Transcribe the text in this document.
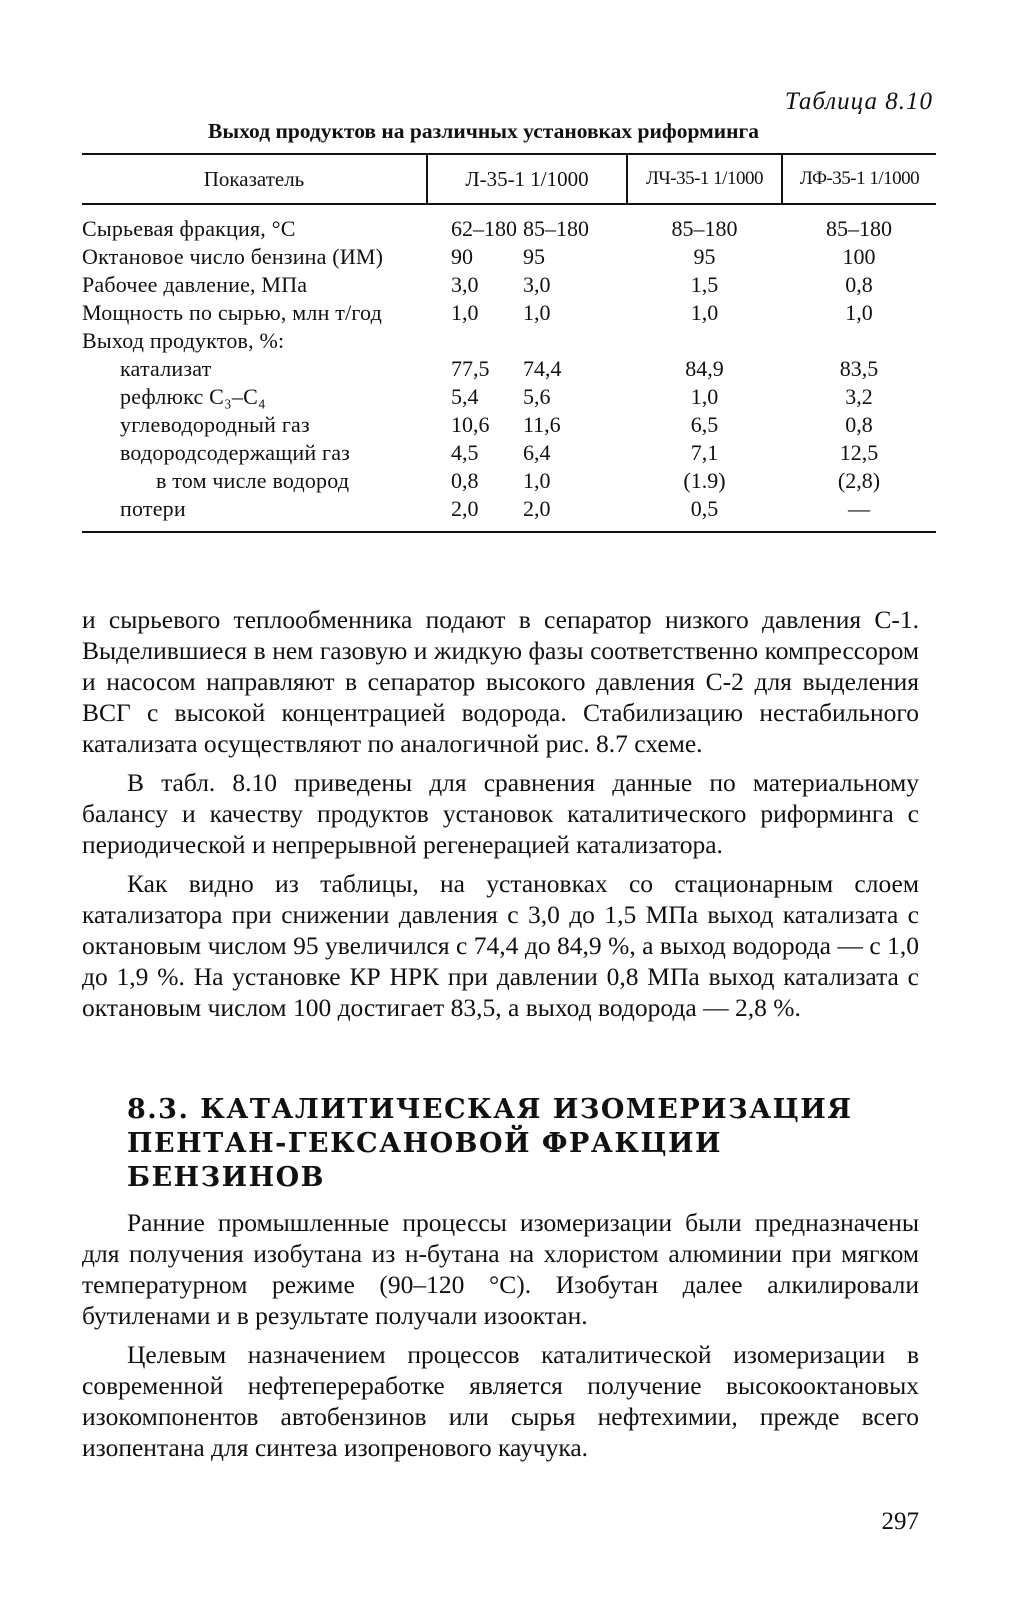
Таблица 8.10
Выход продуктов на различных установках риформинга
Показатель	Л-35-1 1/1000		ЛЧ-35-1 1/1000	ЛФ-35-1 1/1000
Сырьевая фракция, °С	62–180	85–180	85–180	85–180
Октановое число бензина (ИМ)	90	95	95	100
Рабочее давление, МПа	3,0	3,0	1,5	0,8
Мощность по сырью, млн т/год	1,0	1,0	1,0	1,0
Выход продуктов, %:				
катализат	77,5	74,4	84,9	83,5
рефлюкс C₃–C₄	5,4	5,6	1,0	3,2
углеводородный газ	10,6	11,6	6,5	0,8
водородсодержащий газ	4,5	6,4	7,1	12,5
в том числе водород	0,8	1,0	(1.9)	(2,8)
потери	2,0	2,0	0,5	—

и сырьевого теплообменника подают в сепаратор низкого давления С-1. Выделившиеся в нем газовую и жидкую фазы соответственно компрессором и насосом направляют в сепаратор высокого давления С-2 для выделения ВСГ с высокой концентрацией водорода. Стабилизацию нестабильного катализата осуществляют по аналогичной рис. 8.7 схеме.

В табл. 8.10 приведены для сравнения данные по материальному балансу и качеству продуктов установок каталитического риформинга с периодической и непрерывной регенерацией катализатора.

Как видно из таблицы, на установках со стационарным слоем катализатора при снижении давления с 3,0 до 1,5 МПа выход катализата с октановым числом 95 увеличился с 74,4 до 84,9 %, а выход водорода — с 1,0 до 1,9 %. На установке КР НРК при давлении 0,8 МПа выход катализата с октановым числом 100 достигает 83,5, а выход водорода — 2,8 %.

8.3. КАТАЛИТИЧЕСКАЯ ИЗОМЕРИЗАЦИЯ
ПЕНТАН-ГЕКСАНОВОЙ ФРАКЦИИ БЕНЗИНОВ

Ранние промышленные процессы изомеризации были предназначены для получения изобутана из н-бутана на хлористом алюминии при мягком температурном режиме (90–120 °С). Изобутан далее алкилировали бутиленами и в результате получали изооктан.

Целевым назначением процессов каталитической изомеризации в современной нефтепереработке является получение высокооктановых изокомпонентов автобензинов или сырья нефтехимии, прежде всего изопентана для синтеза изопренового каучука.

297
